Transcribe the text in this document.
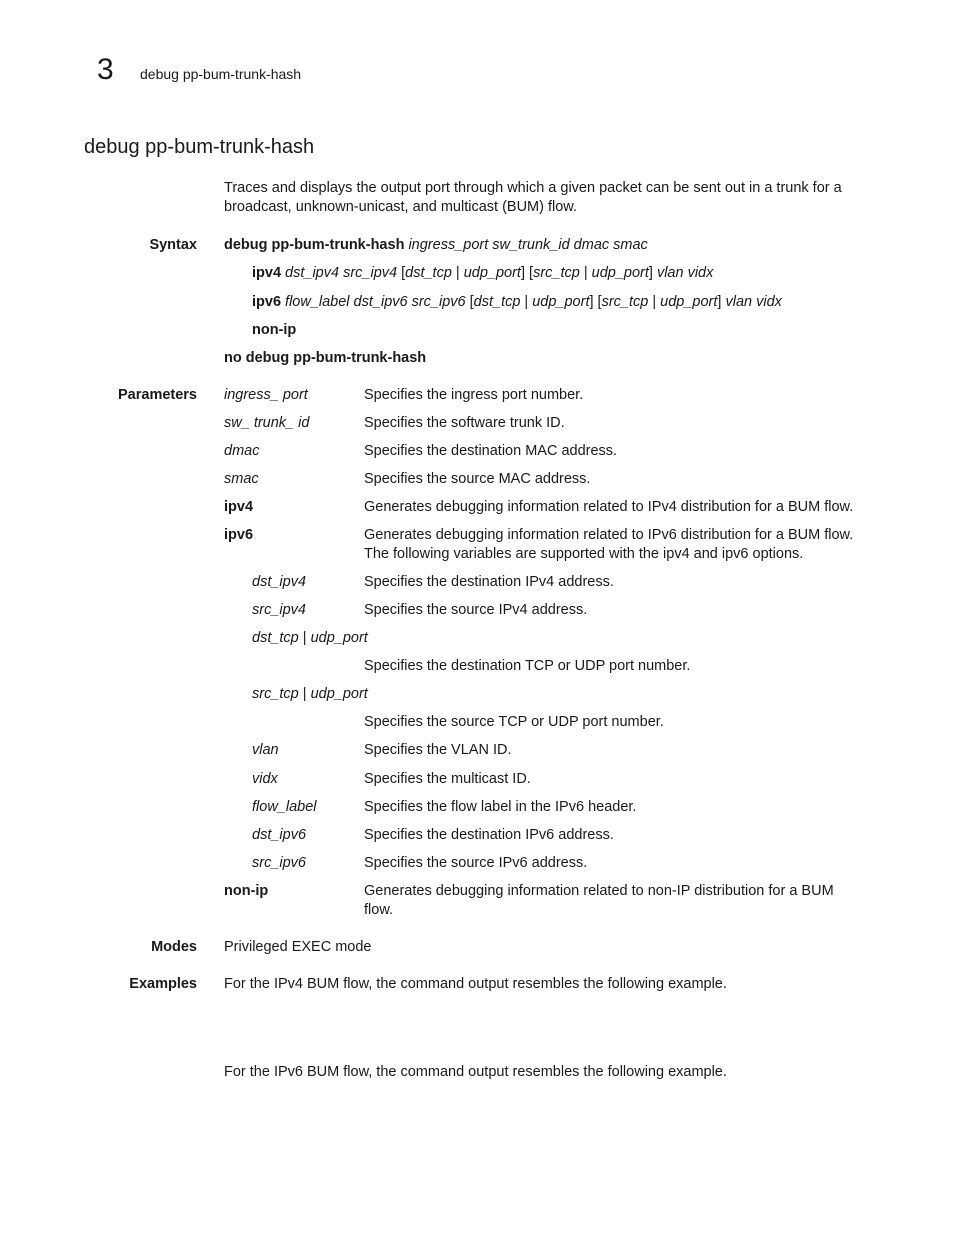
3 debug pp-bum-trunk-hash
debug pp-bum-trunk-hash
Traces and displays the output port through which a given packet can be sent out in a trunk for a broadcast, unknown-unicast, and multicast (BUM) flow.
Syntax debug pp-bum-trunk-hash ingress_port sw_trunk_id dmac smac
ipv4 dst_ipv4 src_ipv4 [dst_tcp | udp_port] [src_tcp | udp_port] vlan vidx
ipv6 flow_label dst_ipv6 src_ipv6 [dst_tcp | udp_port] [src_tcp | udp_port] vlan vidx
non-ip
no debug pp-bum-trunk-hash
Parameters ingress_ port	Specifies the ingress port number.
sw_ trunk_ id	Specifies the software trunk ID.
dmac	Specifies the destination MAC address.
smac	Specifies the source MAC address.
ipv4	Generates debugging information related to IPv4 distribution for a BUM flow.
ipv6	Generates debugging information related to IPv6 distribution for a BUM flow. The following variables are supported with the ipv4 and ipv6 options.
dst_ipv4	Specifies the destination IPv4 address.
src_ipv4	Specifies the source IPv4 address.
dst_tcp | udp_port
Specifies the destination TCP or UDP port number.
src_tcp | udp_port
Specifies the source TCP or UDP port number.
vlan	Specifies the VLAN ID.
vidx	Specifies the multicast ID.
flow_label	Specifies the flow label in the IPv6 header.
dst_ipv6	Specifies the destination IPv6 address.
src_ipv6	Specifies the source IPv6 address.
non-ip	Generates debugging information related to non-IP distribution for a BUM flow.
Modes Privileged EXEC mode
Examples For the IPv4 BUM flow, the command output resembles the following example.
For the IPv6 BUM flow, the command output resembles the following example.
